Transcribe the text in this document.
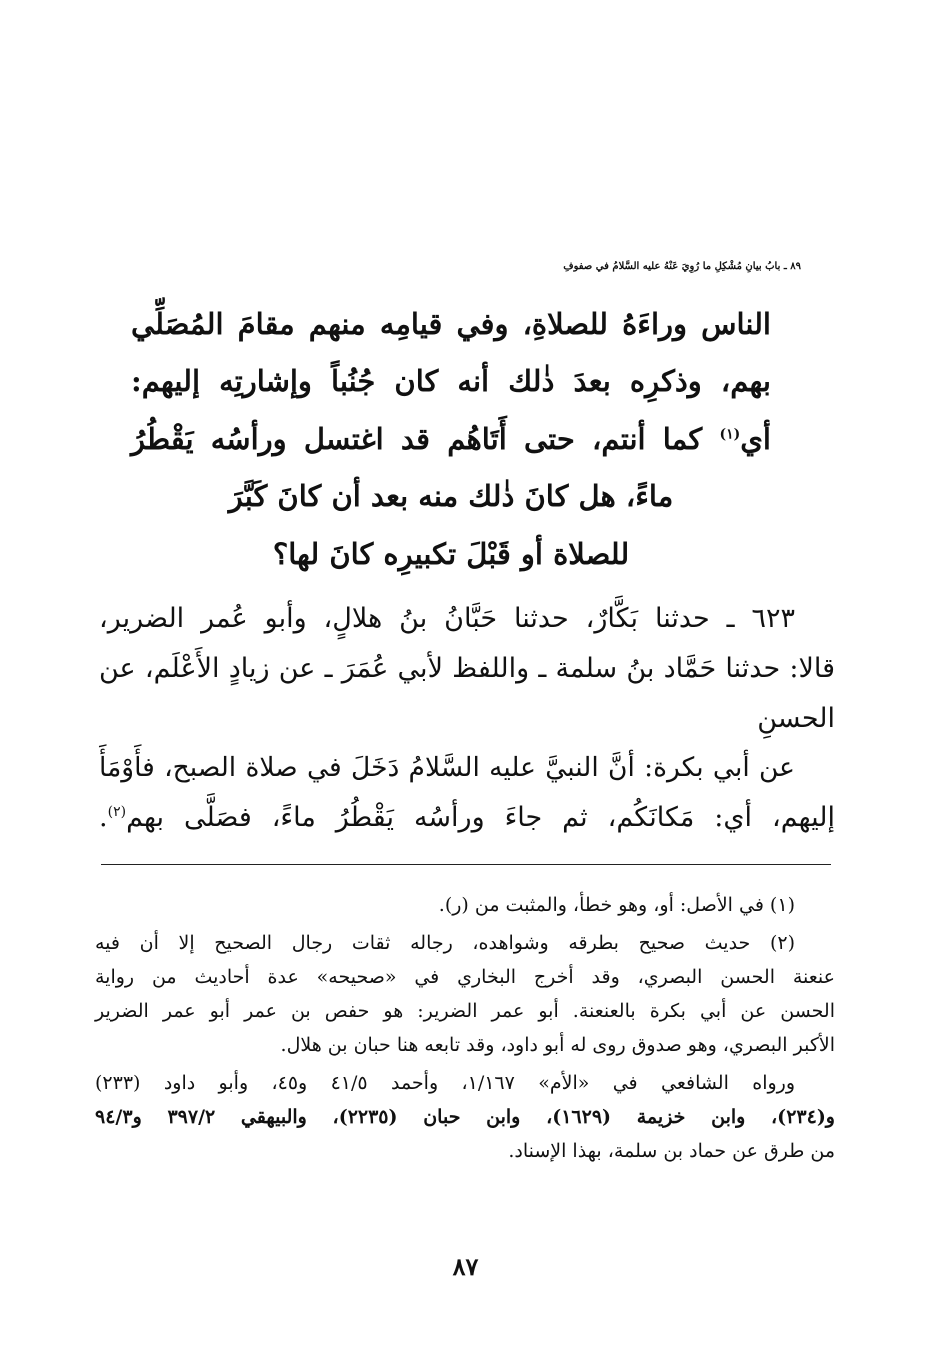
٨٩ ـ بابُ بيانِ مُشْكِلِ ما رُوِيَ عَنْهُ عليه السَّلامُ في صفوفِ
الناس وراءَهُ للصلاةِ، وفي قيامِه منهم مقامَ المُصَلِّي
بهم، وذكرِه بعدَ ذٰلك أنه كان جُنُباً وإشارتِه إليهم:
أي$^{(١)}$ كما أنتم، حتى أَتَاهُم قد اغتسل ورأسُه يَقْطُرُ
ماءً، هل كانَ ذٰلك منه بعد أن كانَ كَبَّرَ
للصلاة أو قَبْلَ تكبيرِه كانَ لها؟
٦٢٣ ـ حدثنا بَكَّارٌ، حدثنا حَبَّانُ بنُ هلالٍ، وأبو عُمر الضرير،
قالا: حدثنا حَمَّاد بنُ سلمة ـ واللفظ لأبي عُمَرَ ـ عن زيادٍ الأَعْلَم، عن
الحسنِ
عن أبي بكرة: أنَّ النبيَّ عليه السَّلامُ دَخَلَ في صلاة الصبح، فأَوْمَأَ
إليهم، أي: مَكانَكُم، ثم جاءَ ورأسُه يَقْطُرُ ماءً، فصَلَّى بهم$^{(٢)}$.
(١) في الأصل: أو، وهو خطأ، والمثبت من (ر).
(٢) حديث صحيح بطرقه وشواهده، رجاله ثقات رجال الصحيح إلا أن فيه
عنعنة الحسن البصري، وقد أخرج البخاري في «صحيحه» عدة أحاديث من رواية
الحسن عن أبي بكرة بالعنعنة. أبو عمر الضرير: هو حفص بن عمر أبو عمر الضرير
الأكبر البصري، وهو صدوق روى له أبو داود، وقد تابعه هنا حبان بن هلال.
ورواه الشافعي في «الأم» ١/١٦٧، وأحمد ٤١/٥ و٤٥، وأبو داود (٢٣٣)
و(٢٣٤)، وابن خزيمة (١٦٢٩)، وابن حبان (٢٢٣٥)، والبيهقي ٣٩٧/٢ و٩٤/٣
من طرق عن حماد بن سلمة، بهذا الإسناد.
٨٧
